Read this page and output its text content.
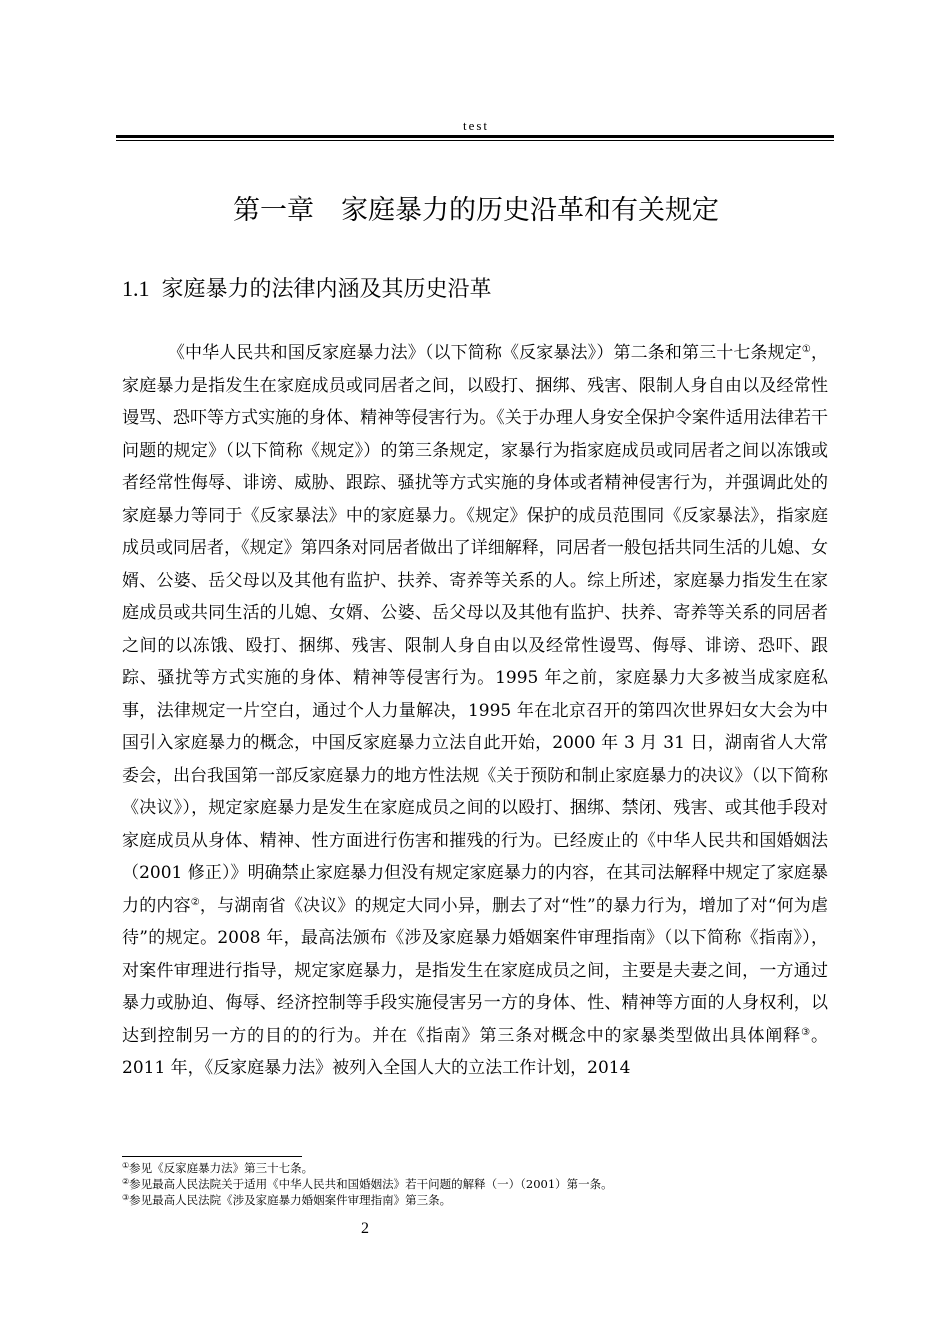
test
第一章　家庭暴力的历史沿革和有关规定
1.1 家庭暴力的法律内涵及其历史沿革
《中华人民共和国反家庭暴力法》（以下简称《反家暴法》）第二条和第三十七条规定①，家庭暴力是指发生在家庭成员或同居者之间，以殴打、捆绑、残害、限制人身自由以及经常性谩骂、恐吓等方式实施的身体、精神等侵害行为。《关于办理人身安全保护令案件适用法律若干问题的规定》（以下简称《规定》）的第三条规定，家暴行为指家庭成员或同居者之间以冻饿或者经常性侮辱、诽谤、威胁、跟踪、骚扰等方式实施的身体或者精神侵害行为，并强调此处的家庭暴力等同于《反家暴法》中的家庭暴力。《规定》保护的成员范围同《反家暴法》，指家庭成员或同居者，《规定》第四条对同居者做出了详细解释，同居者一般包括共同生活的儿媳、女婿、公婆、岳父母以及其他有监护、扶养、寄养等关系的人。综上所述，家庭暴力指发生在家庭成员或共同生活的儿媳、女婿、公婆、岳父母以及其他有监护、扶养、寄养等关系的同居者之间的以冻饿、殴打、捆绑、残害、限制人身自由以及经常性谩骂、侮辱、诽谤、恐吓、跟踪、骚扰等方式实施的身体、精神等侵害行为。1995 年之前，家庭暴力大多被当成家庭私事，法律规定一片空白，通过个人力量解决，1995 年在北京召开的第四次世界妇女大会为中国引入家庭暴力的概念，中国反家庭暴力立法自此开始，2000 年 3 月 31 日，湖南省人大常委会，出台我国第一部反家庭暴力的地方性法规《关于预防和制止家庭暴力的决议》（以下简称《决议》），规定家庭暴力是发生在家庭成员之间的以殴打、捆绑、禁闭、残害、或其他手段对家庭成员从身体、精神、性方面进行伤害和摧残的行为。已经废止的《中华人民共和国婚姻法（2001 修正）》明确禁止家庭暴力但没有规定家庭暴力的内容，在其司法解释中规定了家庭暴力的内容②，与湖南省《决议》的规定大同小异，删去了对“性”的暴力行为，增加了对“何为虐待”的规定。2008 年，最高法颁布《涉及家庭暴力婚姻案件审理指南》（以下简称《指南》），对案件审理进行指导，规定家庭暴力，是指发生在家庭成员之间，主要是夫妻之间，一方通过暴力或胁迫、侮辱、经济控制等手段实施侵害另一方的身体、性、精神等方面的人身权利，以达到控制另一方的目的的行为。并在《指南》第三条对概念中的家暴类型做出具体阐释③。2011 年，《反家庭暴力法》被列入全国人大的立法工作计划，2014
①参见《反家庭暴力法》第三十七条。
②参见最高人民法院关于适用《中华人民共和国婚姻法》若干问题的解释（一）（2001）第一条。
③参见最高人民法院《涉及家庭暴力婚姻案件审理指南》第三条。
2
